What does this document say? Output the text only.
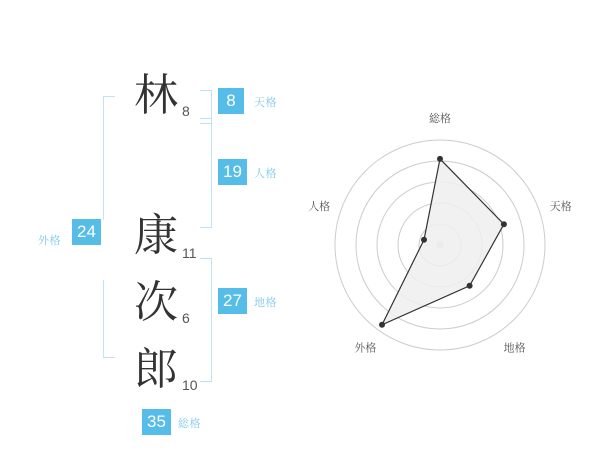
外格 24
林 8
康 11
次 6
郎 10
8	天格
19	人格
27	地格
35	総格
総格
天格
地格
外格
人格
